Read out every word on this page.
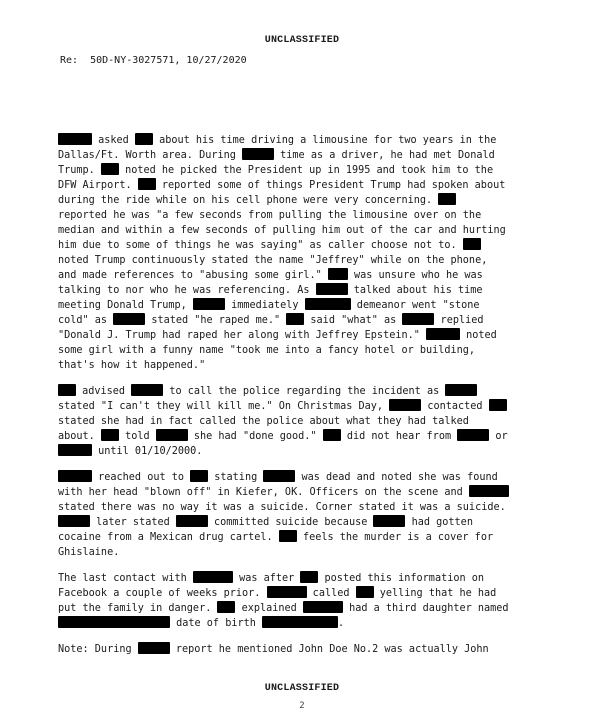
UNCLASSIFIED
Re:  50D-NY-3027571, 10/27/2020
asked  about his time driving a limousine for two years in the
Dallas/Ft. Worth area. During	time as a driver, he had met Donald
Trump.  noted he picked the President up in 1995 and took him to the
DFW Airport.  reported some of things President Trump had spoken about
during the ride while on his cell phone were very concerning.
reported he was "a few seconds from pulling the limousine over on the
median and within a few seconds of pulling him out of the car and hurting
him due to some of things he was saying" as caller choose not to.
noted Trump continuously stated the name "Jeffrey" while on the phone,
and made references to "abusing some girl."  was unsure who he was
talking to nor who he was referencing. As	talked about his time
meeting Donald Trump,	immediately	demeanor went "stone
cold" as	stated "he raped me."  said "what" as	replied
"Donald J. Trump had raped her along with Jeffrey Epstein."	noted
some girl with a funny name "took me into a fancy hotel or building,
that's how it happened."
advised	to call the police regarding the incident as
stated "I can't they will kill me." On Christmas Day,	contacted
stated she had in fact called the police about what they had talked
about.  told	she had "done good."  did not hear from	or
until 01/10/2000.
reached out to  stating	was dead and noted she was found
with her head "blown off" in Kiefer, OK. Officers on the scene and
stated there was no way it was a suicide. Corner stated it was a suicide.
later stated	committed suicide because	had gotten
cocaine from a Mexican drug cartel.  feels the murder is a cover for
Ghislaine.
The last contact with	was after  posted this information on
Facebook a couple of weeks prior.	called  yelling that he had
put the family in danger.  explained	had a third daughter named
date of birth	.
Note: During	report he mentioned John Doe No.2 was actually John
UNCLASSIFIED
2
